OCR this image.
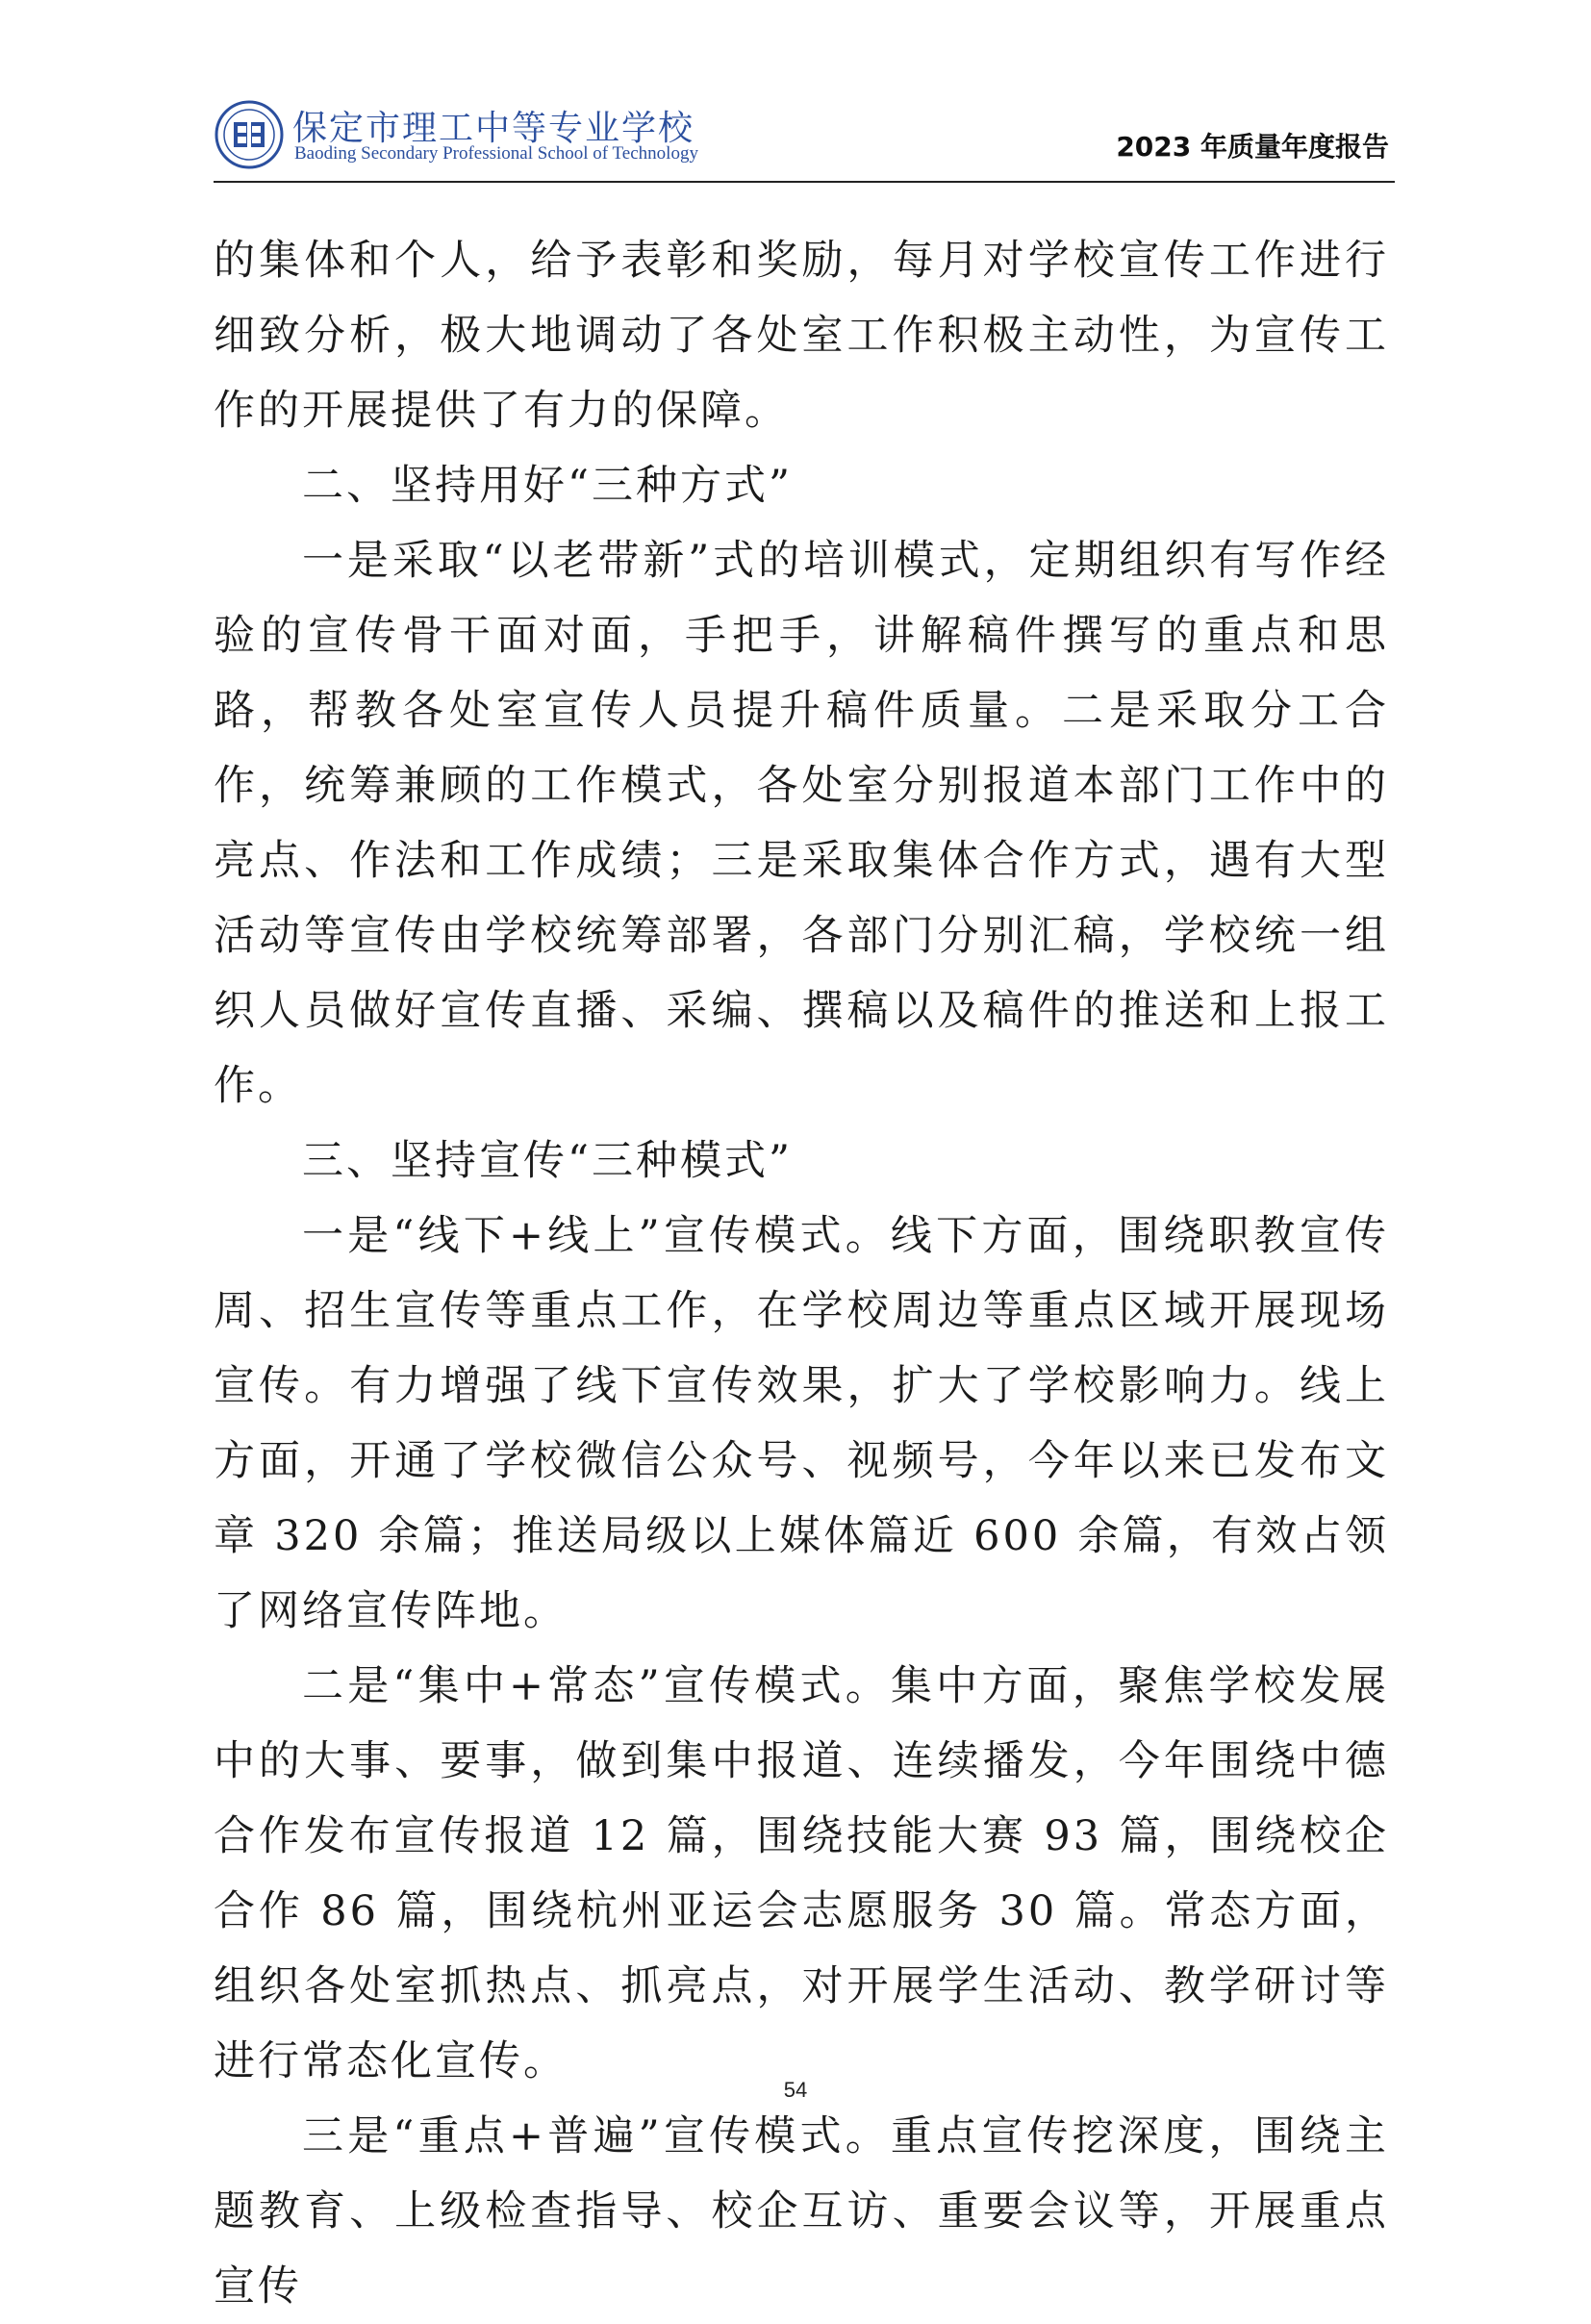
保定市理工中等专业学校
Baoding Secondary Professional School of Technology	2023 年质量年度报告

的集体和个人，给予表彰和奖励，每月对学校宣传工作进行细致分析，极大地调动了各处室工作积极主动性，为宣传工作的开展提供了有力的保障。

二、坚持用好“三种方式”

一是采取“以老带新”式的培训模式，定期组织有写作经验的宣传骨干面对面，手把手，讲解稿件撰写的重点和思路，帮教各处室宣传人员提升稿件质量。二是采取分工合作，统筹兼顾的工作模式，各处室分别报道本部门工作中的亮点、作法和工作成绩；三是采取集体合作方式，遇有大型活动等宣传由学校统筹部署，各部门分别汇稿，学校统一组织人员做好宣传直播、采编、撰稿以及稿件的推送和上报工作。

三、坚持宣传“三种模式”

一是“线下+线上”宣传模式。线下方面，围绕职教宣传周、招生宣传等重点工作，在学校周边等重点区域开展现场宣传。有力增强了线下宣传效果，扩大了学校影响力。线上方面，开通了学校微信公众号、视频号，今年以来已发布文章 320 余篇；推送局级以上媒体篇近 600 余篇，有效占领了网络宣传阵地。

二是“集中+常态”宣传模式。集中方面，聚焦学校发展中的大事、要事，做到集中报道、连续播发，今年围绕中德合作发布宣传报道 12 篇，围绕技能大赛 93 篇，围绕校企合作 86 篇，围绕杭州亚运会志愿服务 30 篇。常态方面，组织各处室抓热点、抓亮点，对开展学生活动、教学研讨等进行常态化宣传。

三是“重点+普遍”宣传模式。重点宣传挖深度，围绕主题教育、上级检查指导、校企互访、重要会议等，开展重点宣传

54
